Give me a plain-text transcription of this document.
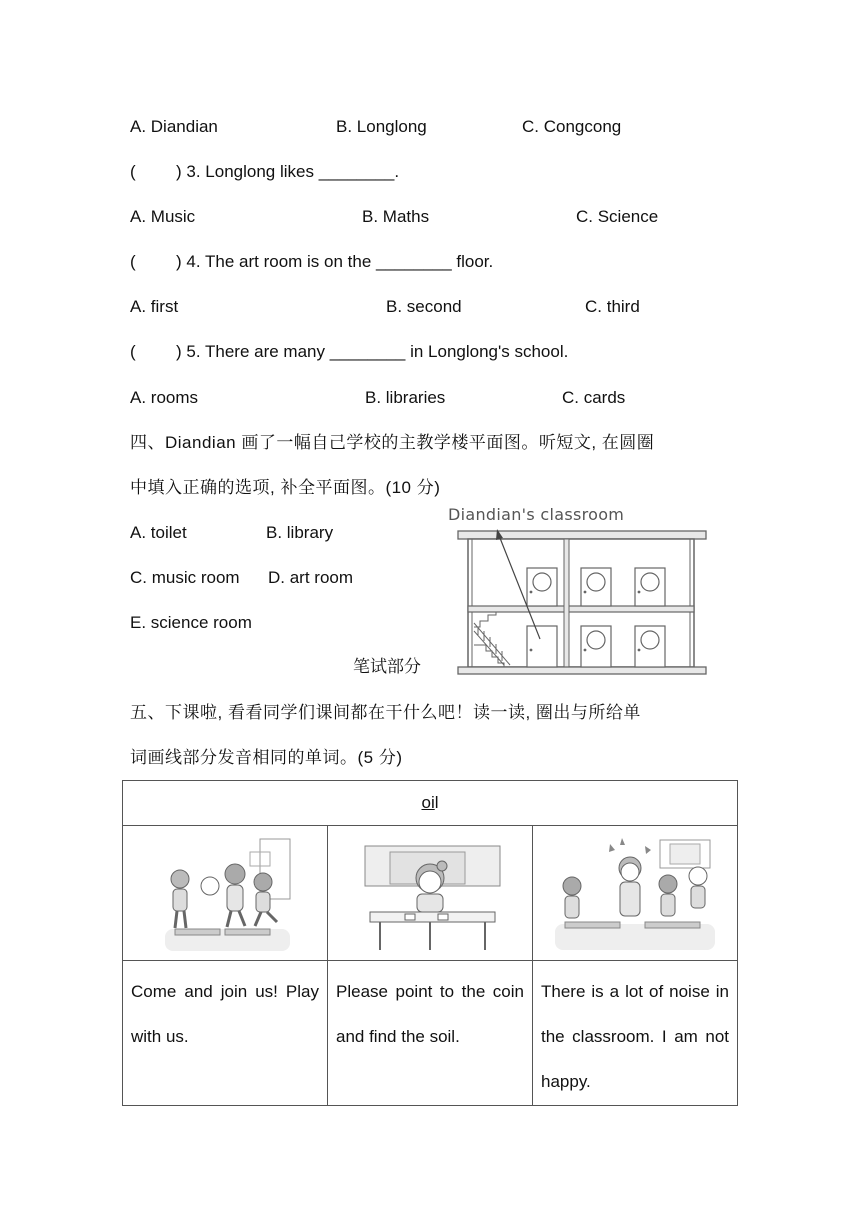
A. Diandian	B. Longlong	C. Congcong
( ) 3. Longlong likes ________.
A. Music	B. Maths	C. Science
( ) 4. The art room is on the ________ floor.
A. first	B. second	C. third
( ) 5. There are many ________ in Longlong's school.
A. rooms	B. libraries	C. cards
四、Diandian 画了一幅自己学校的主教学楼平面图。听短文, 在圆圈
中填入正确的选项, 补全平面图。(10 分)
A. toilet	B. library
C. music room D. art room
E. science room
笔试部分
Diandian's classroom
五、下课啦, 看看同学们课间都在干什么吧！读一读, 圈出与所给单
词画线部分发音相同的单词。(5 分)
oil		

Come and join us! Play with us.	Please point to the coin and find the soil.	There is a lot of noise in the classroom. I am not happy.
